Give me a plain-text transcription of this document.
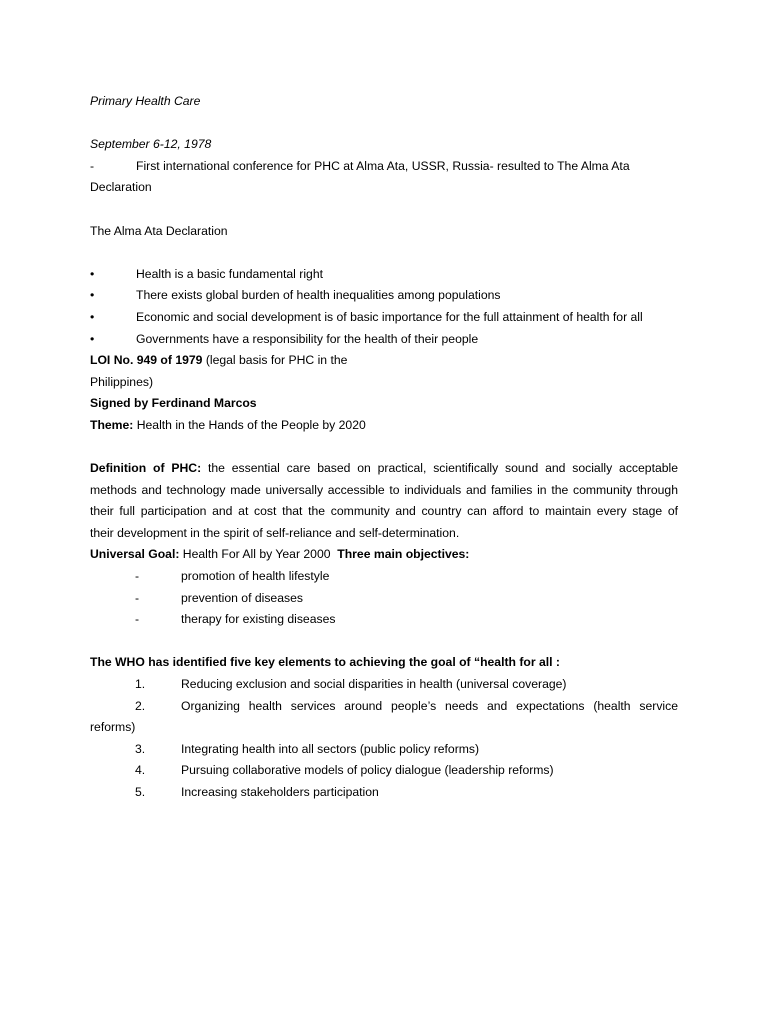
Primary Health Care

September 6-12, 1978

-	First international conference for PHC at Alma Ata, USSR, Russia- resulted to The Alma Ata

Declaration

The Alma Ata Declaration

•	Health is a basic fundamental right
•	There exists global burden of health inequalities among populations
•	Economic and social development is of basic importance for the full attainment of health for all
•	Governments have a responsibility for the health of their people

LOI No. 949 of 1979 (legal basis for PHC in the

Philippines)

Signed by Ferdinand Marcos

Theme: Health in the Hands of the People by 2020

Definition of PHC: the essential care based on practical, scientifically sound and socially acceptable

methods and technology made universally accessible to individuals and families in the community through

their full participation and at cost that the community and country can afford to maintain every stage of

their development in the spirit of self-reliance and self-determination.

Universal Goal: Health For All by Year 2000  Three main objectives:

-	promotion of health lifestyle
-	prevention of diseases
-	therapy for existing diseases

The WHO has identified five key elements to achieving the goal of “health for all :

1.	Reducing exclusion and social disparities in health (universal coverage)

2.	Organizing health services around people’s needs and expectations (health service

reforms)

3.	Integrating health into all sectors (public policy reforms)

4.	Pursuing collaborative models of policy dialogue (leadership reforms)

5.	Increasing stakeholders participation
